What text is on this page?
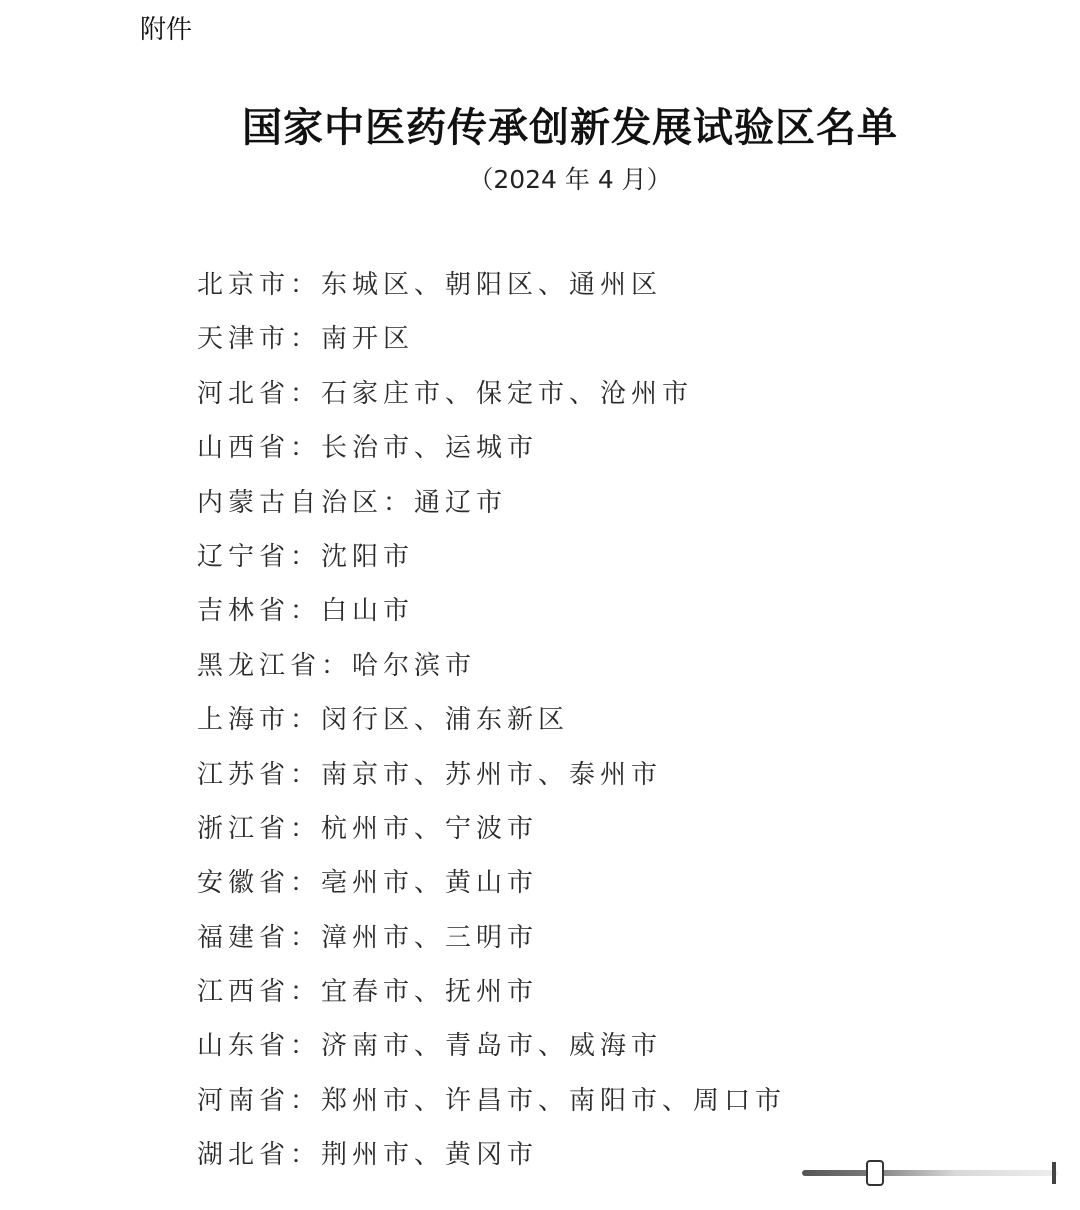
附件
国家中医药传承创新发展试验区名单
（2024 年 4 月）
北京市：东城区、朝阳区、通州区
天津市：南开区
河北省：石家庄市、保定市、沧州市
山西省：长治市、运城市
内蒙古自治区：通辽市
辽宁省：沈阳市
吉林省：白山市
黑龙江省：哈尔滨市
上海市：闵行区、浦东新区
江苏省：南京市、苏州市、泰州市
浙江省：杭州市、宁波市
安徽省：亳州市、黄山市
福建省：漳州市、三明市
江西省：宜春市、抚州市
山东省：济南市、青岛市、威海市
河南省：郑州市、许昌市、南阳市、周口市
湖北省：荆州市、黄冈市
